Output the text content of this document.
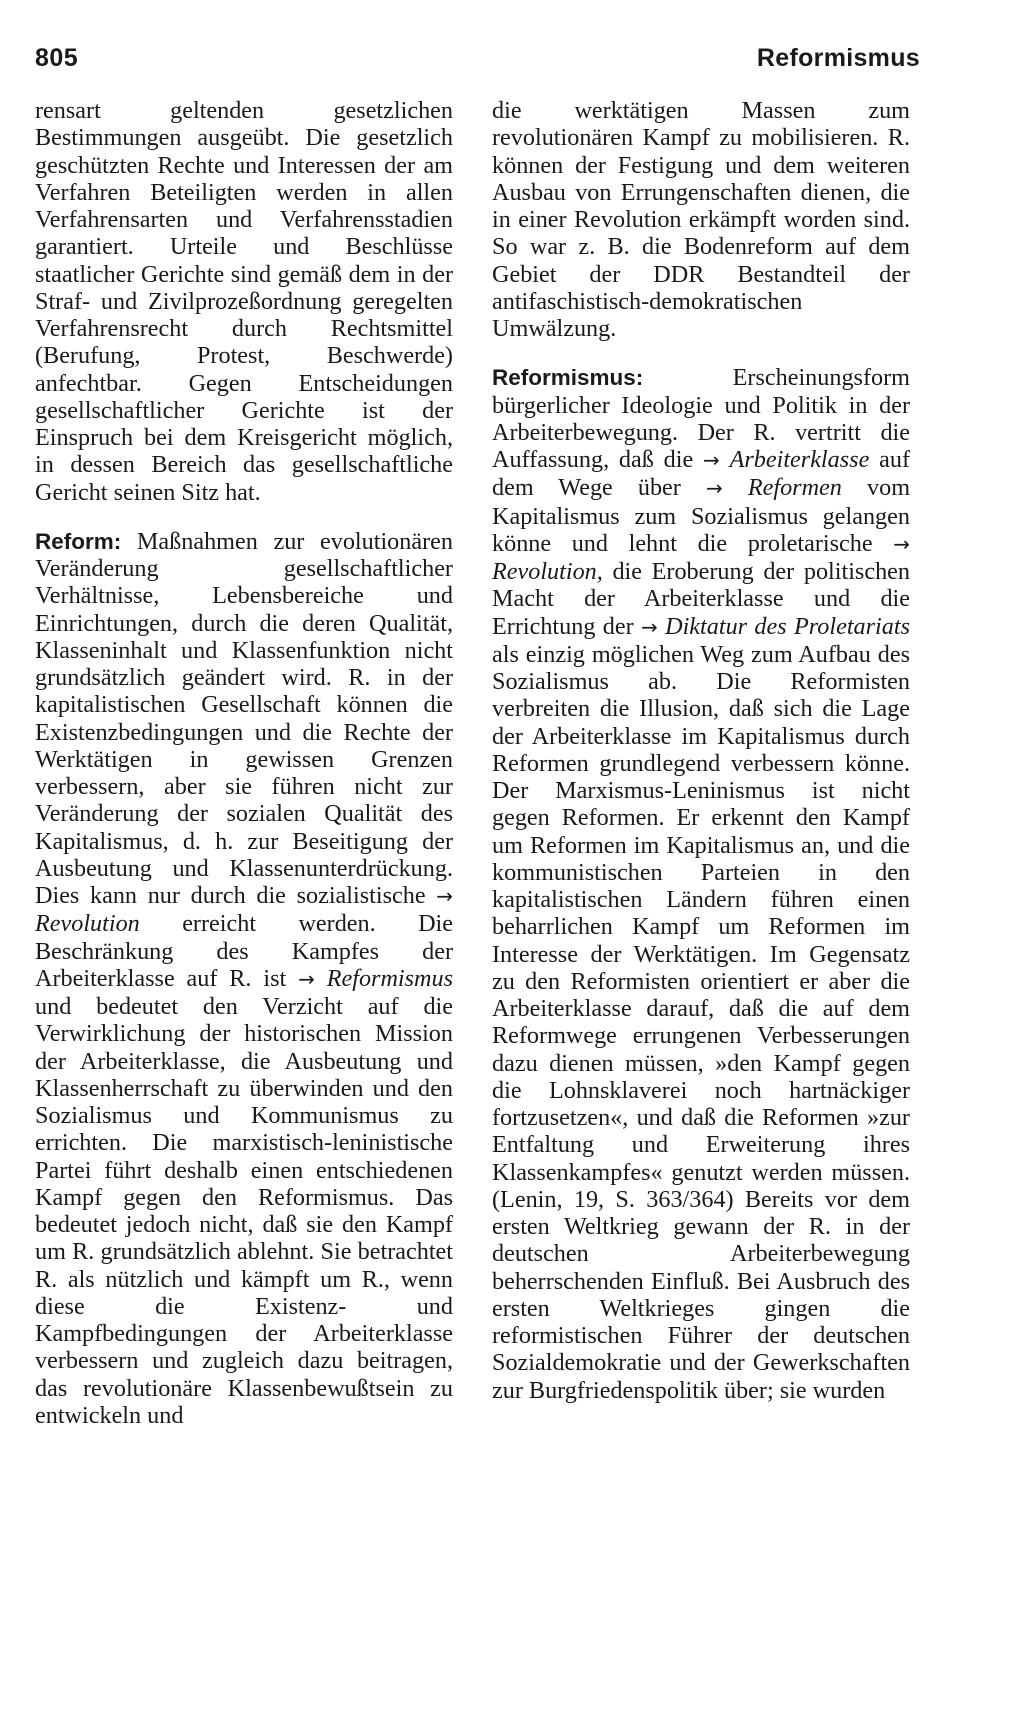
805	Reformismus

rensart geltenden gesetzlichen Bestimmungen ausgeübt. Die gesetzlich geschützten Rechte und Interessen der am Verfahren Beteiligten werden in allen Verfahrensarten und Verfahrensstadien garantiert. Urteile und Beschlüsse staatlicher Gerichte sind gemäß dem in der Straf- und Zivilprozeßordnung geregelten Verfahrensrecht durch Rechtsmittel (Berufung, Protest, Beschwerde) anfechtbar. Gegen Entscheidungen gesellschaftlicher Gerichte ist der Einspruch bei dem Kreisgericht möglich, in dessen Bereich das gesellschaftliche Gericht seinen Sitz hat.

Reform: Maßnahmen zur evolutionären Veränderung gesellschaftlicher Verhältnisse, Lebensbereiche und Einrichtungen, durch die deren Qualität, Klasseninhalt und Klassenfunktion nicht grundsätzlich geändert wird. R. in der kapitalistischen Gesellschaft können die Existenzbedingungen und die Rechte der Werktätigen in gewissen Grenzen verbessern, aber sie führen nicht zur Veränderung der sozialen Qualität des Kapitalismus, d. h. zur Beseitigung der Ausbeutung und Klassenunterdrückung. Dies kann nur durch die sozialistische → Revolution erreicht werden. Die Beschränkung des Kampfes der Arbeiterklasse auf R. ist → Reformismus und bedeutet den Verzicht auf die Verwirklichung der historischen Mission der Arbeiterklasse, die Ausbeutung und Klassenherrschaft zu überwinden und den Sozialismus und Kommunismus zu errichten. Die marxistisch-leninistische Partei führt deshalb einen entschiedenen Kampf gegen den Reformismus. Das bedeutet jedoch nicht, daß sie den Kampf um R. grundsätzlich ablehnt. Sie betrachtet R. als nützlich und kämpft um R., wenn diese die Existenz- und Kampfbedingungen der Arbeiterklasse verbessern und zugleich dazu beitragen, das revolutionäre Klassenbewußtsein zu entwickeln und

die werktätigen Massen zum revolutionären Kampf zu mobilisieren. R. können der Festigung und dem weiteren Ausbau von Errungenschaften dienen, die in einer Revolution erkämpft worden sind. So war z. B. die Bodenreform auf dem Gebiet der DDR Bestandteil der antifaschistisch-demokratischen Umwälzung.

Reformismus:	Erscheinungsform bürgerlicher Ideologie und Politik in der Arbeiterbewegung. Der R. vertritt die Auffassung, daß die → Arbeiterklasse auf dem Wege über → Reformen vom Kapitalismus zum Sozialismus gelangen könne und lehnt die proletarische → Revolution, die Eroberung der politischen Macht der Arbeiterklasse und die Errichtung der → Diktatur des Proletariats als einzig möglichen Weg zum Aufbau des Sozialismus ab. Die Reformisten verbreiten die Illusion, daß sich die Lage der Arbeiterklasse im Kapitalismus durch Reformen grundlegend verbessern könne. Der Marxismus-Leninismus ist nicht gegen Reformen. Er erkennt den Kampf um Reformen im Kapitalismus an, und die kommunistischen Parteien in den kapitalistischen Ländern führen einen beharrlichen Kampf um Reformen im Interesse der Werktätigen. Im Gegensatz zu den Reformisten orientiert er aber die Arbeiterklasse darauf, daß die auf dem Reformwege errungenen Verbesserungen dazu dienen müssen, »den Kampf gegen die Lohnsklaverei noch hartnäckiger fortzusetzen«, und daß die Reformen »zur Entfaltung und Erweiterung ihres Klassenkampfes« genutzt werden müssen. (Lenin, 19, S. 363/364) Bereits vor dem ersten Weltkrieg gewann der R. in der deutschen Arbeiterbewegung beherrschenden Einfluß. Bei Ausbruch des ersten Weltkrieges gingen die reformistischen Führer der deutschen Sozialdemokratie und der Gewerkschaften zur Burgfriedenspolitik über; sie wurden
